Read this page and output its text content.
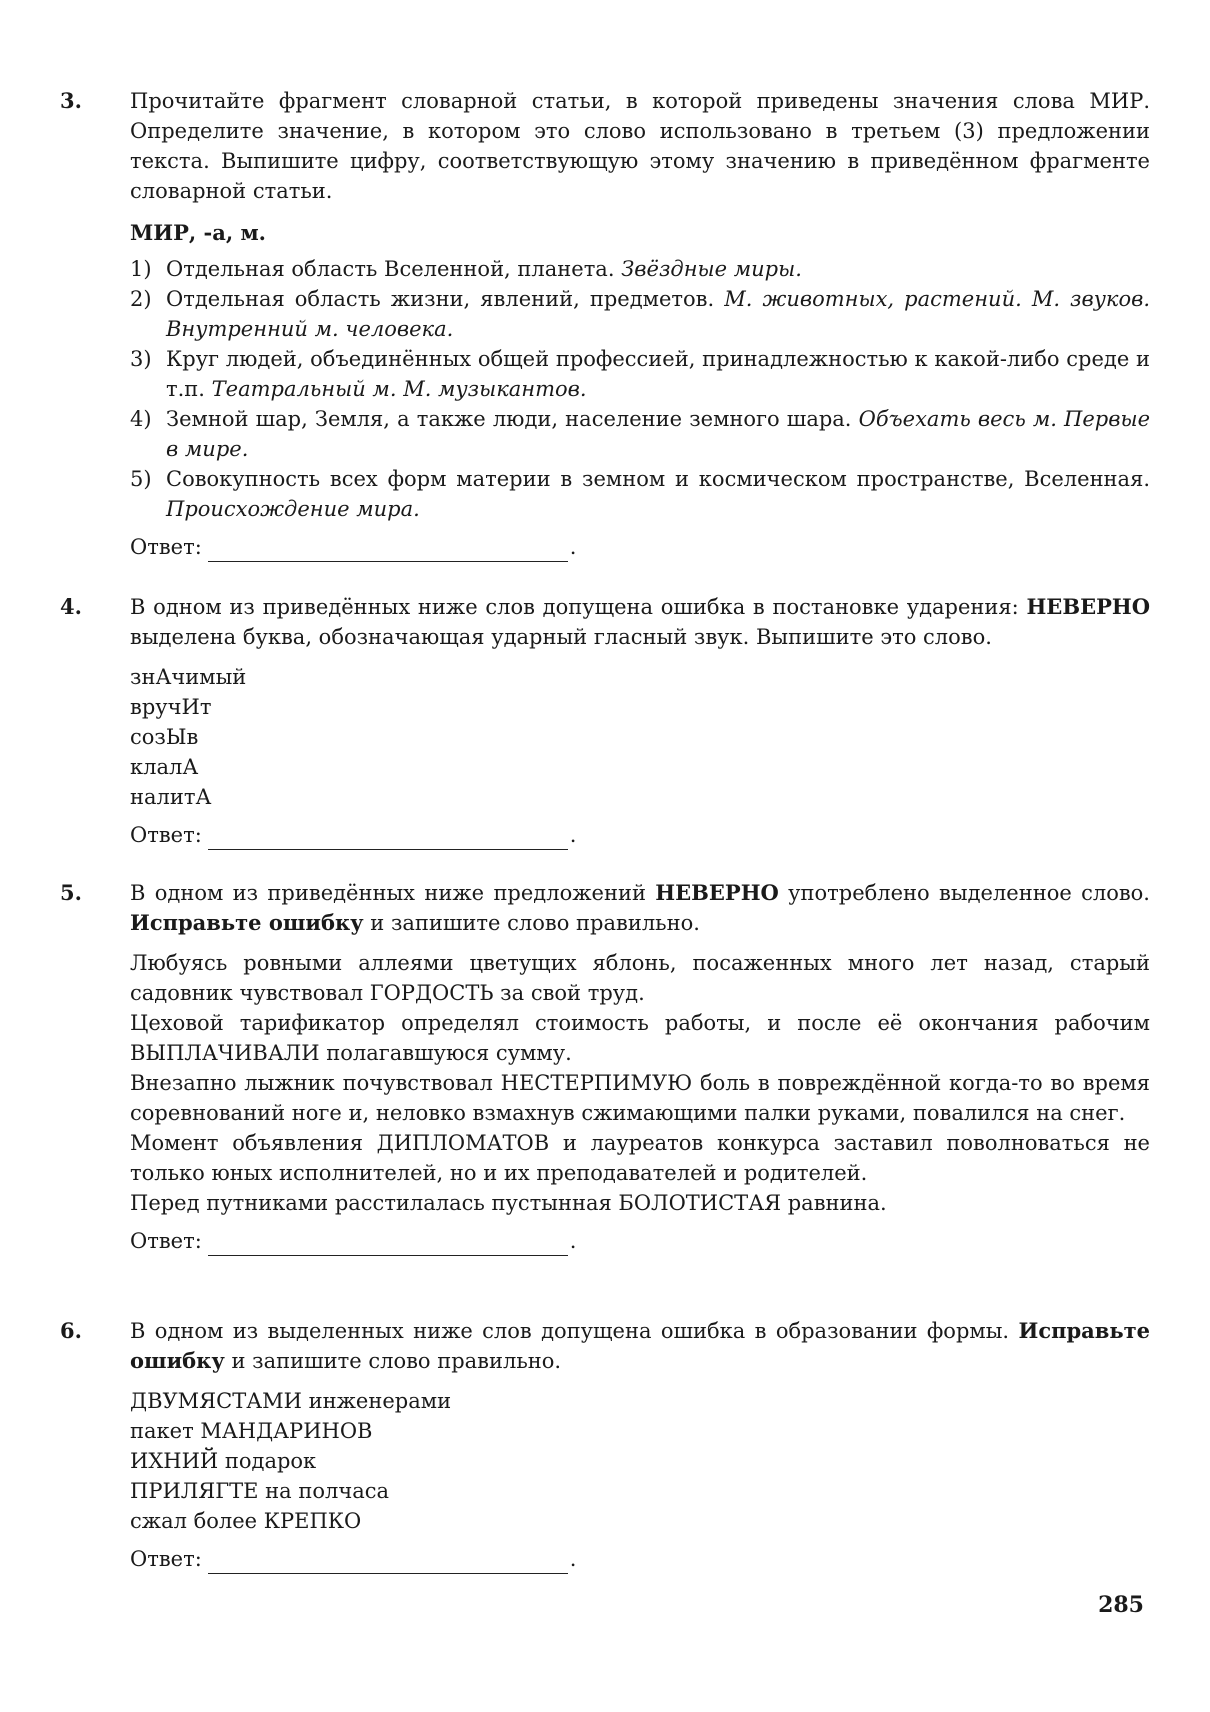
3.	Прочитайте фрагмент словарной статьи, в которой приведены значения слова МИР. Определите значение, в котором это слово использовано в третьем (3) предложении текста. Выпишите цифру, соответствующую этому значению в приведённом фрагменте словарной статьи.

МИР, -а, м.
1) Отдельная область Вселенной, планета. Звёздные миры.
2) Отдельная область жизни, явлений, предметов. М. животных, растений. М. звуков. Внутренний м. человека.
3) Круг людей, объединённых общей профессией, принадлежностью к какой-либо среде и т.п. Театральный м. М. музыкантов.
4) Земной шар, Земля, а также люди, население земного шара. Объехать весь м. Первые в мире.
5) Совокупность всех форм материи в земном и космическом пространстве, Вселенная. Происхождение мира.
Ответ:	.
4.	В одном из приведённых ниже слов допущена ошибка в постановке ударения: НЕВЕРНО выделена буква, обозначающая ударный гласный звук. Выпишите это слово.

знАчимый
вручИт
созЫв
клалА
налитА
Ответ:	.
5.	В одном из приведённых ниже предложений НЕВЕРНО употреблено выделенное слово. Исправьте ошибку и запишите слово правильно.

Любуясь ровными аллеями цветущих яблонь, посаженных много лет назад, старый садовник чувствовал ГОРДОСТЬ за свой труд.

Цеховой тарификатор определял стоимость работы, и после её окончания рабочим ВЫПЛАЧИВАЛИ полагавшуюся сумму.

Внезапно лыжник почувствовал НЕСТЕРПИМУЮ боль в повреждённой когда-то во время соревнований ноге и, неловко взмахнув сжимающими палки руками, повалился на снег.

Момент объявления ДИПЛОМАТОВ и лауреатов конкурса заставил поволноваться не только юных исполнителей, но и их преподавателей и родителей.

Перед путниками расстилалась пустынная БОЛОТИСТАЯ равнина.

Ответ:	.
6.	В одном из выделенных ниже слов допущена ошибка в образовании формы. Исправьте ошибку и запишите слово правильно.

ДВУМЯСТАМИ инженерами
пакет МАНДАРИНОВ
ИХНИЙ подарок
ПРИЛЯГТЕ на полчаса
сжал более КРЕПКО
Ответ:	.
285
